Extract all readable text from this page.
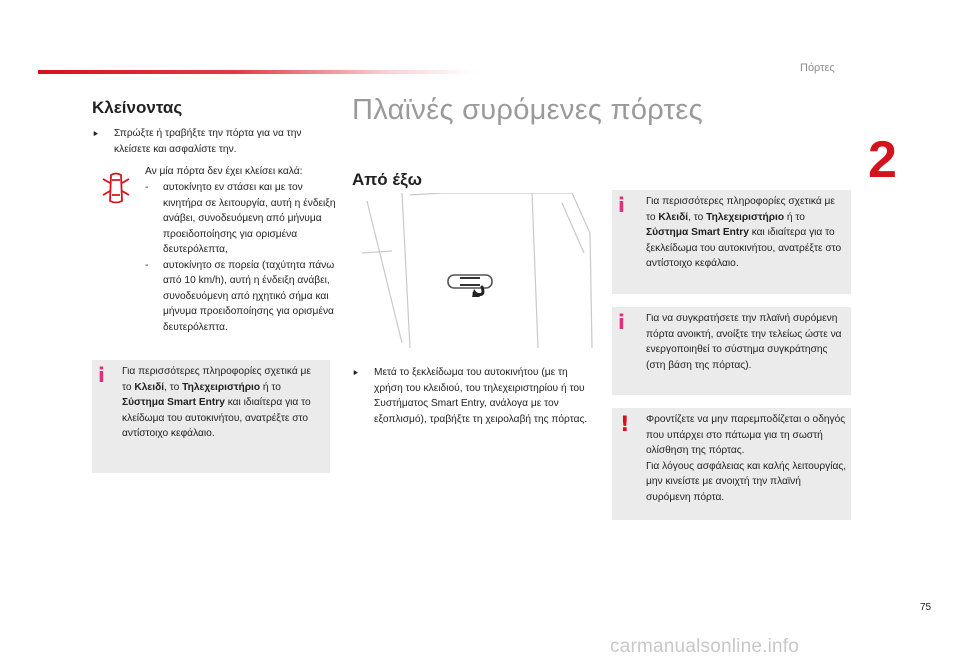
Πόρτες
2
Κλείνοντας
⯈	Σπρώξτε ή τραβήξτε την πόρτα για να την κλείσετε και ασφαλίστε την.
Αν μία πόρτα δεν έχει κλείσει καλά:
-	αυτοκίνητο εν στάσει και με τον κινητήρα σε λειτουργία, αυτή η ένδειξη ανάβει, συνοδευόμενη από μήνυμα προειδοποίησης για ορισμένα δευτερόλεπτα,
-	αυτοκίνητο σε πορεία (ταχύτητα πάνω από 10 km/h), αυτή η ένδειξη ανάβει, συνοδευόμενη από ηχητικό σήμα και μήνυμα προειδοποίησης για ορισμένα δευτερόλεπτα.
i Για περισσότερες πληροφορίες σχετικά με το Κλειδί, το Τηλεχειριστήριο ή το Σύστημα Smart Entry και ιδιαίτερα για το κλείδωμα του αυτοκινήτου, ανατρέξτε στο αντίστοιχο κεφάλαιο.
Πλαϊνές συρόμενες πόρτες
Από έξω
⯈	Μετά το ξεκλείδωμα του αυτοκινήτου (με τη χρήση του κλειδιού, του τηλεχειριστηρίου ή του Συστήματος Smart Entry, ανάλογα με τον εξοπλισμό), τραβήξτε τη χειρολαβή της πόρτας.
i Για περισσότερες πληροφορίες σχετικά με το Κλειδί, το Τηλεχειριστήριο ή το Σύστημα Smart Entry και ιδιαίτερα για το ξεκλείδωμα του αυτοκινήτου, ανατρέξτε στο αντίστοιχο κεφάλαιο.
i Για να συγκρατήσετε την πλαϊνή συρόμενη πόρτα ανοικτή, ανοίξτε την τελείως ώστε να ενεργοποιηθεί το σύστημα συγκράτησης (στη βάση της πόρτας).
! Φροντίζετε να μην παρεμποδίζεται ο οδηγός που υπάρχει στο πάτωμα για τη σωστή ολίσθηση της πόρτας.
Για λόγους ασφάλειας και καλής λειτουργίας, μην κινείστε με ανοιχτή την πλαϊνή συρόμενη πόρτα.
75
carmanualsonline.info
